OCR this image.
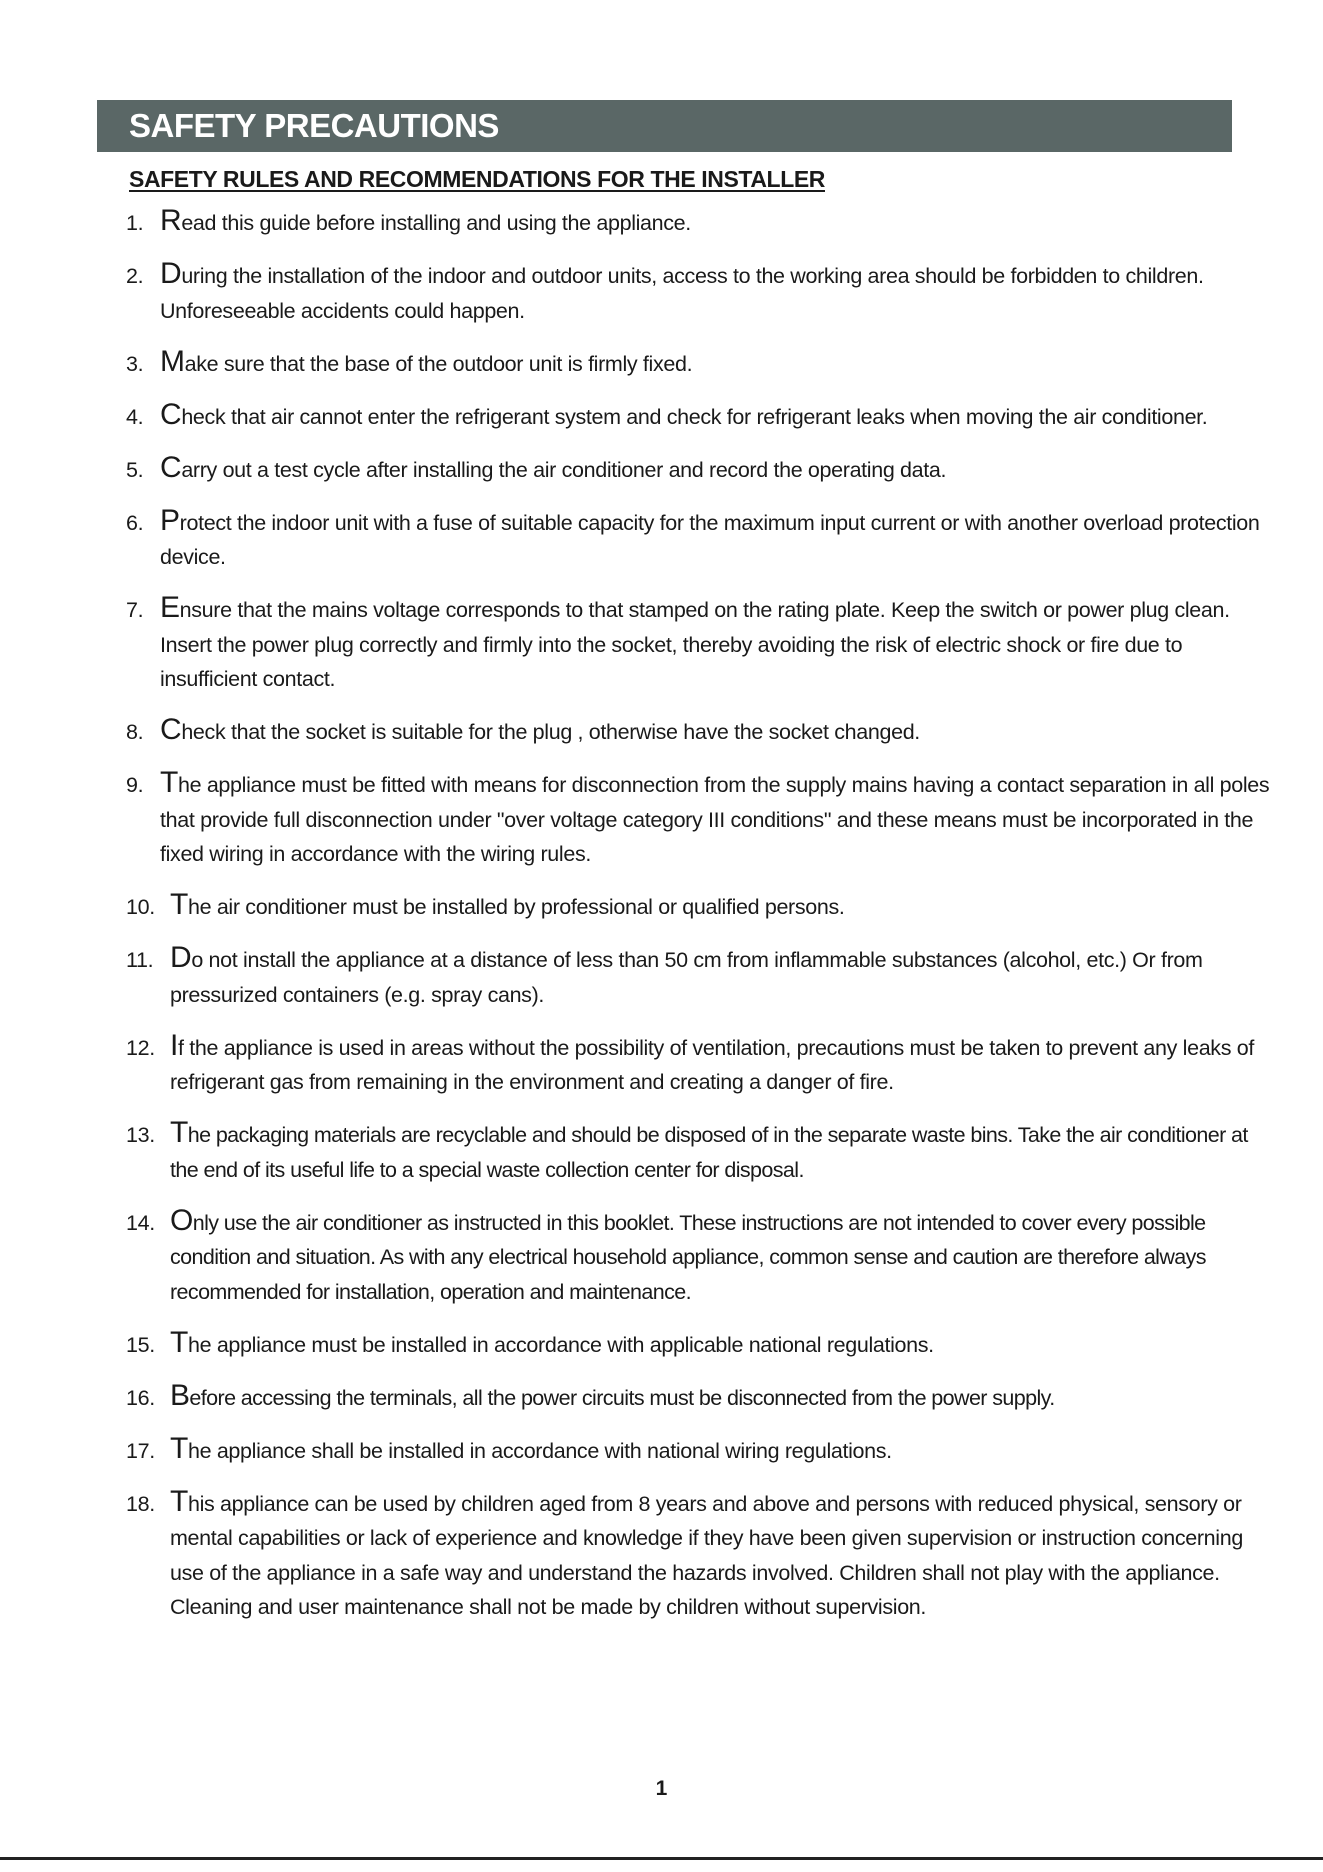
SAFETY PRECAUTIONS
SAFETY RULES AND RECOMMENDATIONS FOR THE INSTALLER
1. Read this guide before installing and using the appliance.
2. During the installation of the indoor and outdoor units, access to the working area should be forbidden to children. Unforeseeable accidents could happen.
3. Make sure that the base of the outdoor unit is firmly fixed.
4. Check that air cannot enter the refrigerant system and check for refrigerant leaks when moving the air conditioner.
5. Carry out a test cycle after installing the air conditioner and record the operating data.
6. Protect the indoor unit with a fuse of suitable capacity for the maximum input current or with another overload protection device.
7. Ensure that the mains voltage corresponds to that stamped on the rating plate. Keep the switch or power plug clean. Insert the power plug correctly and firmly into the socket, thereby avoiding the risk of electric shock or fire due to insufficient contact.
8. Check that the socket is suitable for the plug , otherwise have the socket changed.
9. The appliance must be fitted with means for disconnection from the supply mains having a contact separation in all poles that provide full disconnection under "over voltage category III conditions" and these means must be incorporated in the fixed wiring in accordance with the wiring rules.
10. The air conditioner must be installed by professional or qualified persons.
11. Do not install the appliance at a distance of less than 50 cm from inflammable substances (alcohol, etc.) Or from pressurized containers (e.g. spray cans).
12. If the appliance is used in areas without the possibility of ventilation, precautions must be taken to prevent any leaks of refrigerant gas from remaining in the environment and creating a danger of fire.
13. The packaging materials are recyclable and should be disposed of in the separate waste bins. Take the air conditioner at the end of its useful life to a special waste collection center for disposal.
14. Only use the air conditioner as instructed in this booklet. These instructions are not intended to cover every possible condition and situation. As with any electrical household appliance, common sense and caution are therefore always recommended for installation, operation and maintenance.
15. The appliance must be installed in accordance with applicable national regulations.
16. Before accessing the terminals, all the power circuits must be disconnected from the power supply.
17. The appliance shall be installed in accordance with national wiring regulations.
18. This appliance can be used by children aged from 8 years and above and persons with reduced physical, sensory or mental capabilities or lack of experience and knowledge if they have been given supervision or instruction concerning use of the appliance in a safe way and understand the hazards involved. Children shall not play with the appliance. Cleaning and user maintenance shall not be made by children without supervision.
1
